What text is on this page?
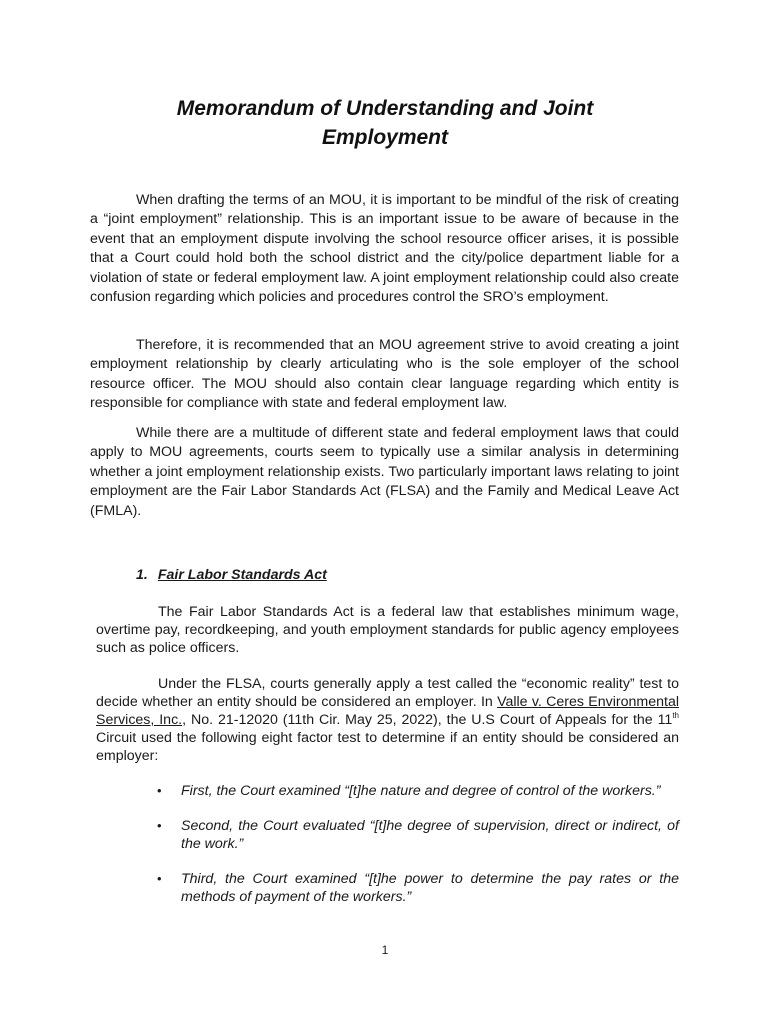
Memorandum of Understanding and Joint
Employment

When drafting the terms of an MOU, it is important to be mindful of the risk of creating a “joint employment” relationship. This is an important issue to be aware of because in the event that an employment dispute involving the school resource officer arises, it is possible that a Court could hold both the school district and the city/police department liable for a violation of state or federal employment law. A joint employment relationship could also create confusion regarding which policies and procedures control the SRO’s employment.

Therefore, it is recommended that an MOU agreement strive to avoid creating a joint employment relationship by clearly articulating who is the sole employer of the school resource officer. The MOU should also contain clear language regarding which entity is responsible for compliance with state and federal employment law.

While there are a multitude of different state and federal employment laws that could apply to MOU agreements, courts seem to typically use a similar analysis in determining whether a joint employment relationship exists. Two particularly important laws relating to joint employment are the Fair Labor Standards Act (FLSA) and the Family and Medical Leave Act (FMLA).

1. Fair Labor Standards Act

The Fair Labor Standards Act is a federal law that establishes minimum wage, overtime pay, recordkeeping, and youth employment standards for public agency employees such as police officers.

Under the FLSA, courts generally apply a test called the “economic reality” test to decide whether an entity should be considered an employer. In Valle v. Ceres Environmental Services, Inc., No. 21-12020 (11th Cir. May 25, 2022), the U.S Court of Appeals for the 11th Circuit used the following eight factor test to determine if an entity should be considered an employer:

• First, the Court examined “[t]he nature and degree of control of the workers.”
• Second, the Court evaluated “[t]he degree of supervision, direct or indirect, of the work.”
• Third, the Court examined “[t]he power to determine the pay rates or the methods of payment of the workers.”
1
